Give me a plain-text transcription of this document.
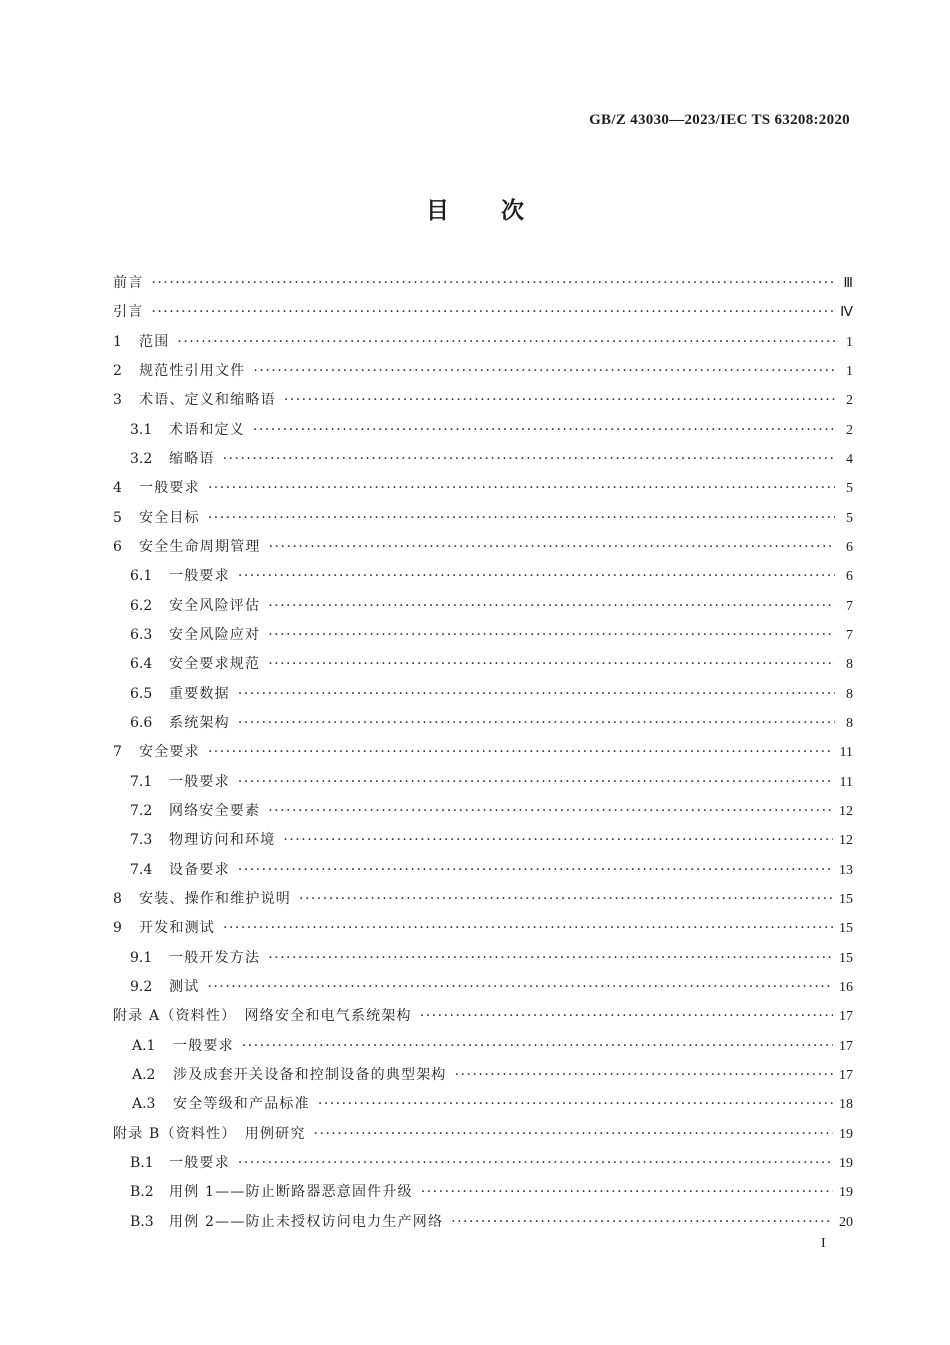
GB/Z 43030—2023/IEC TS 63208:2020
目 次
前言 ·····	Ⅲ
引言 ·····	Ⅳ
1	范围 ·····	1
2	规范性引用文件 ·····	1
3	术语、定义和缩略语 ·····	2
3.1	术语和定义 ·····	2
3.2	缩略语 ·····	4
4	一般要求 ·····	5
5	安全目标 ·····	5
6	安全生命周期管理 ·····	6
6.1	一般要求 ·····	6
6.2	安全风险评估 ·····	7
6.3	安全风险应对 ·····	7
6.4	安全要求规范 ·····	8
6.5	重要数据 ·····	8
6.6	系统架构 ·····	8
7	安全要求 ·····	11
7.1	一般要求 ·····	11
7.2	网络安全要素 ·····	12
7.3	物理访问和环境 ·····	12
7.4	设备要求 ·····	13
8	安装、操作和维护说明 ·····	15
9	开发和测试 ·····	15
9.1	一般开发方法 ·····	15
9.2	测试 ·····	16
附录 A（资料性）　网络安全和电气系统架构 ·····	17
A.1	一般要求 ·····	17
A.2	涉及成套开关设备和控制设备的典型架构 ·····	17
A.3	安全等级和产品标准 ·····	18
附录 B（资料性）　用例研究 ·····	19
B.1	一般要求 ·····	19
B.2	用例 1——防止断路器恶意固件升级 ·····	19
B.3	用例 2——防止未授权访问电力生产网络 ·····	20
I
